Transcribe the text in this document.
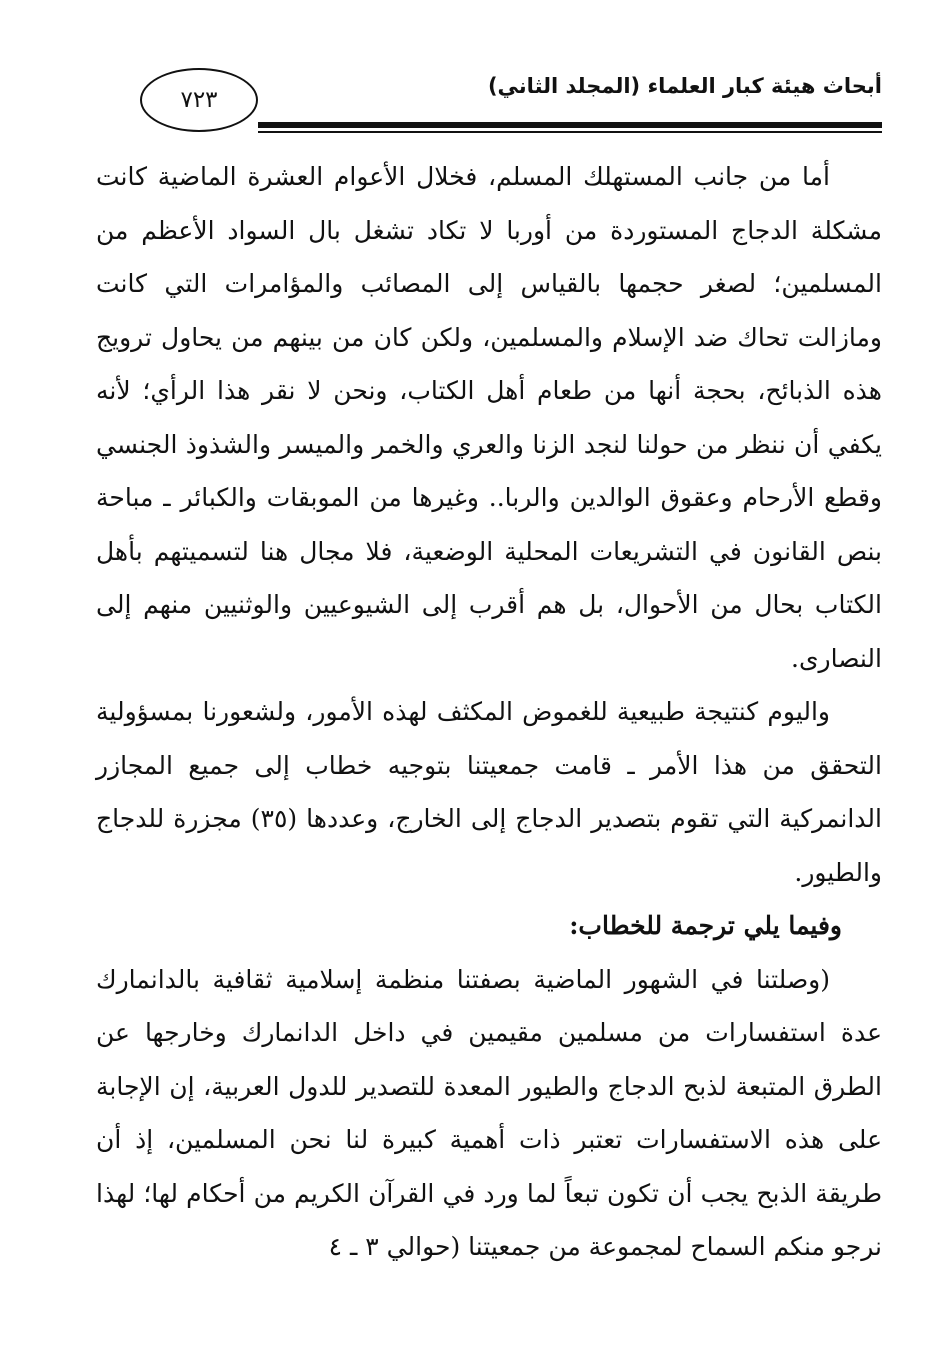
أبحاث هيئة كبار العلماء (المجلد الثاني)
٧٢٣

أما من جانب المستهلك المسلم، فخلال الأعوام العشرة الماضية كانت مشكلة الدجاج المستوردة من أوربا لا تكاد تشغل بال السواد الأعظم من المسلمين؛ لصغر حجمها بالقياس إلى المصائب والمؤامرات التي كانت ومازالت تحاك ضد الإسلام والمسلمين، ولكن كان من بينهم من يحاول ترويج هذه الذبائح، بحجة أنها من طعام أهل الكتاب، ونحن لا نقر هذا الرأي؛ لأنه يكفي أن ننظر من حولنا لنجد الزنا والعري والخمر والميسر والشذوذ الجنسي وقطع الأرحام وعقوق الوالدين والربا.. وغيرها من الموبقات والكبائر ـ مباحة بنص القانون في التشريعات المحلية الوضعية، فلا مجال هنا لتسميتهم بأهل الكتاب بحال من الأحوال، بل هم أقرب إلى الشيوعيين والوثنيين منهم إلى النصارى.

واليوم كنتيجة طبيعية للغموض المكثف لهذه الأمور، ولشعورنا بمسؤولية التحقق من هذا الأمر ـ قامت جمعيتنا بتوجيه خطاب إلى جميع المجازر الدانمركية التي تقوم بتصدير الدجاج إلى الخارج، وعددها (٣٥) مجزرة للدجاج والطيور.

وفيما يلي ترجمة للخطاب:

(وصلتنا في الشهور الماضية بصفتنا منظمة إسلامية ثقافية بالدانمارك عدة استفسارات من مسلمين مقيمين في داخل الدانمارك وخارجها عن الطرق المتبعة لذبح الدجاج والطيور المعدة للتصدير للدول العربية، إن الإجابة على هذه الاستفسارات تعتبر ذات أهمية كبيرة لنا نحن المسلمين، إذ أن طريقة الذبح يجب أن تكون تبعاً لما ورد في القرآن الكريم من أحكام لها؛ لهذا نرجو منكم السماح لمجموعة من جمعيتنا (حوالي ٣ ـ ٤
